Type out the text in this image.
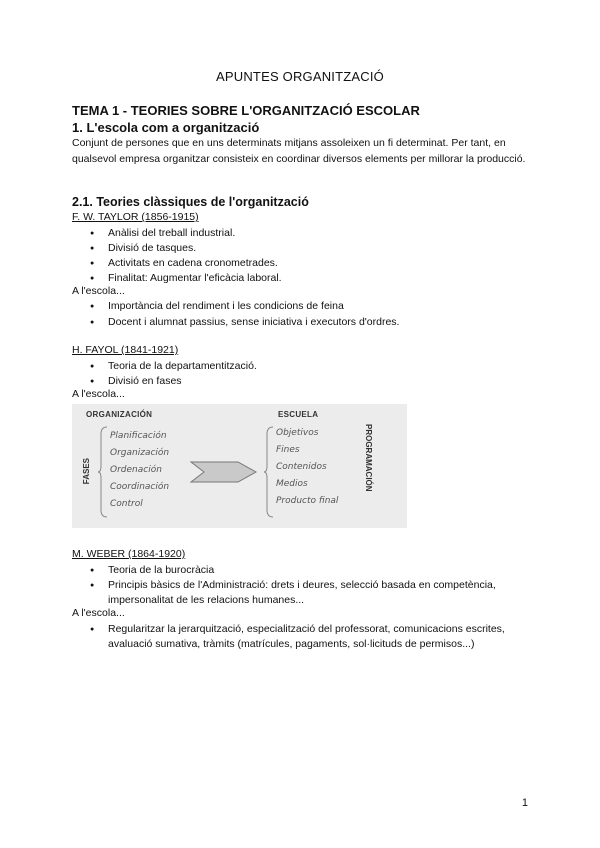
APUNTES ORGANITZACIÓ
TEMA 1 - TEORIES SOBRE L'ORGANITZACIÓ ESCOLAR
1. L'escola com a organització
Conjunt de persones que en uns determinats mitjans assoleixen un fi determinat. Per tant, en qualsevol empresa organitzar consisteix en coordinar diversos elements per millorar la producció.
2.1. Teories clàssiques de l'organització
F. W. TAYLOR (1856-1915)
● Anàlisi del treball industrial.
● Divisió de tasques.
● Activitats en cadena cronometrades.
● Finalitat: Augmentar l'eficàcia laboral.
A l'escola...
● Importància del rendiment i les condicions de feina
● Docent i alumnat passius, sense iniciativa i executors d'ordres.
H. FAYOL (1841-1921)
● Teoria de la departamentització.
● Divisió en fases
A l'escola...
ORGANIZACIÓN
FASES
Planificación
Organización
Ordenación
Coordinación
Control
ESCUELA
Objetivos
Fines
Contenidos
Medios
Producto final
PROGRAMACIÓN
M. WEBER (1864-1920)
● Teoria de la burocràcia
● Principis bàsics de l'Administració: drets i deures, selecció basada en competència, impersonalitat de les relacions humanes...
A l'escola...
● Regularitzar la jerarquització, especialització del professorat, comunicacions escrites, avaluació sumativa, tràmits (matrícules, pagaments, sol·licituds de permisos...)
1
